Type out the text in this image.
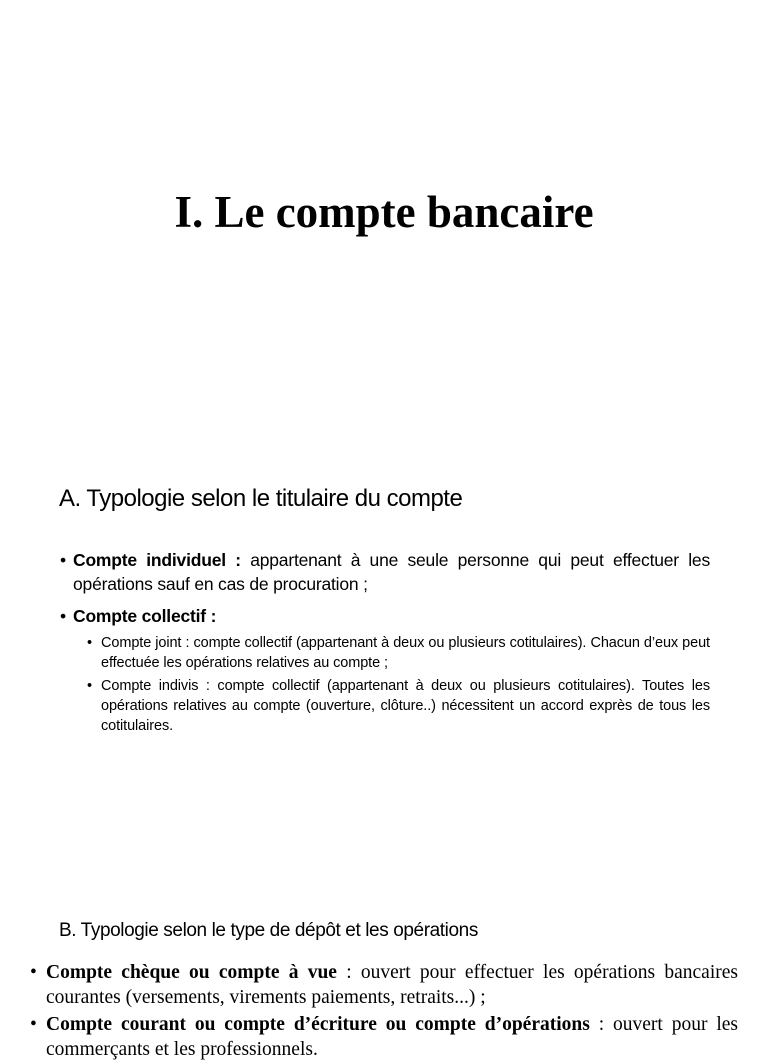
I. Le compte bancaire
A. Typologie selon le titulaire du compte
• Compte individuel : appartenant à une seule personne qui peut effectuer les opérations sauf en cas de procuration ;
• Compte collectif :
• Compte joint : compte collectif (appartenant à deux ou plusieurs cotitulaires). Chacun d’eux peut effectuée les opérations relatives au compte ;
• Compte indivis : compte collectif (appartenant à deux ou plusieurs cotitulaires). Toutes les opérations relatives au compte (ouverture, clôture..) nécessitent un accord exprès de tous les cotitulaires.
B. Typologie selon le type de dépôt et les opérations
• Compte chèque ou compte à vue : ouvert pour effectuer les opérations bancaires courantes (versements, virements paiements, retraits...) ;
• Compte courant ou compte d’écriture ou compte d’opérations : ouvert pour les commerçants et les professionnels.
